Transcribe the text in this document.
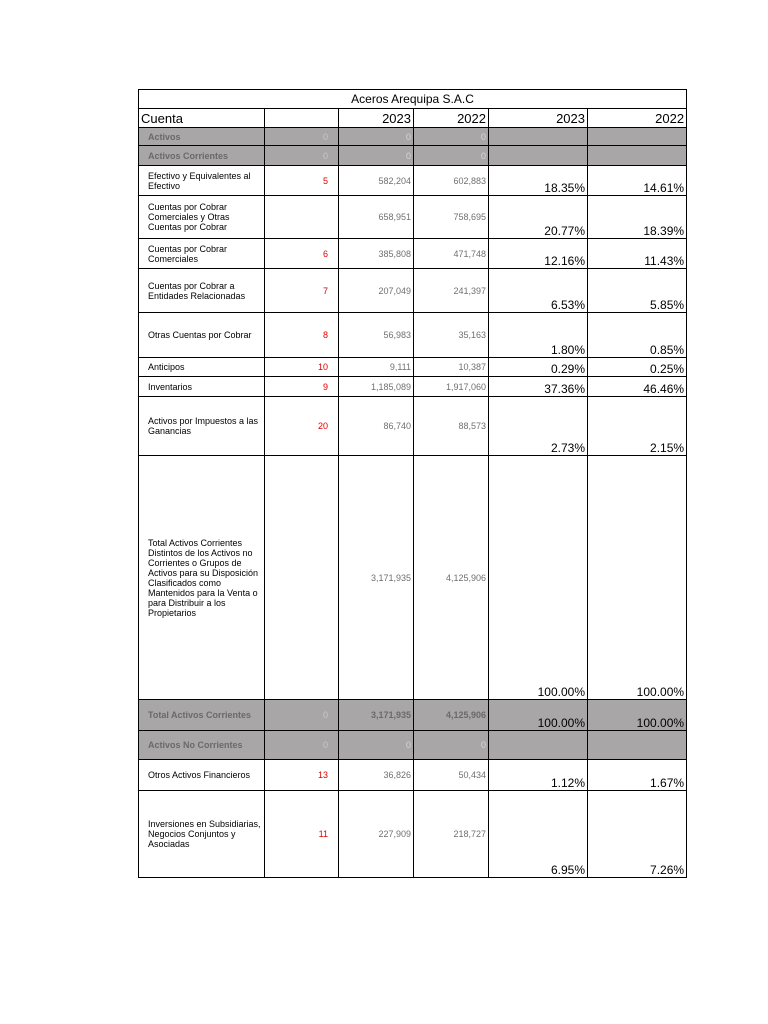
Aceros Arequipa S.A.C					
Cuenta		2023	2022	2023	2022
Activos	0	0	0		
Activos Corrientes	0	0	0		
Efectivo y Equivalentes al Efectivo	5	582,204	602,883	18.35%	14.61%
Cuentas por Cobrar Comerciales y Otras Cuentas por Cobrar		658,951	758,695	20.77%	18.39%
Cuentas por Cobrar Comerciales	6	385,808	471,748	12.16%	11.43%
Cuentas por Cobrar a Entidades Relacionadas	7	207,049	241,397	6.53%	5.85%
Otras Cuentas por Cobrar	8	56,983	35,163	1.80%	0.85%
Anticipos	10	9,111	10,387	0.29%	0.25%
Inventarios	9	1,185,089	1,917,060	37.36%	46.46%
Activos por Impuestos a las Ganancias	20	86,740	88,573	2.73%	2.15%
Total Activos Corrientes Distintos de los Activos no Corrientes o Grupos de Activos para su Disposición Clasificados como Mantenidos para la Venta o para Distribuir a los Propietarios		3,171,935	4,125,906	100.00%	100.00%
Total Activos Corrientes	0	3,171,935	4,125,906	100.00%	100.00%
Activos No Corrientes	0	0	0		
Otros Activos Financieros	13	36,826	50,434	1.12%	1.67%
Inversiones en Subsidiarias, Negocios Conjuntos y Asociadas	11	227,909	218,727	6.95%	7.26%
